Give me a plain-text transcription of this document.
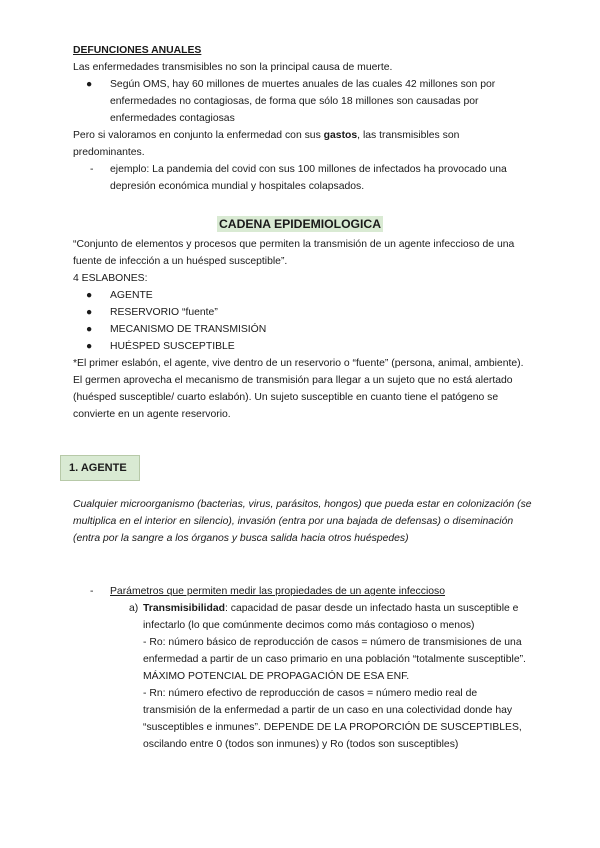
DEFUNCIONES ANUALES
Las enfermedades transmisibles no son la principal causa de muerte.
● Según OMS, hay 60 millones de muertes anuales de las cuales 42 millones son por enfermedades no contagiosas, de forma que sólo 18 millones son causadas por enfermedades contagiosas
Pero si valoramos en conjunto la enfermedad con sus gastos, las transmisibles son predominantes.
- ejemplo: La pandemia del covid con sus 100 millones de infectados ha provocado una depresión económica mundial y hospitales colapsados.
CADENA EPIDEMIOLOGICA
“Conjunto de elementos y procesos que permiten la transmisión de un agente infeccioso de una fuente de infección a un huésped susceptible”.
4 ESLABONES:
● AGENTE
● RESERVORIO “fuente”
● MECANISMO DE TRANSMISIÓN
● HUÉSPED SUSCEPTIBLE
*El primer eslabón, el agente, vive dentro de un reservorio o “fuente” (persona, animal, ambiente). El germen aprovecha el mecanismo de transmisión para llegar a un sujeto que no está alertado (huésped susceptible/ cuarto eslabón). Un sujeto susceptible en cuanto tiene el patógeno se convierte en un agente reservorio.
1. AGENTE
Cualquier microorganismo (bacterias, virus, parásitos, hongos) que pueda estar en colonización (se multiplica en el interior en silencio), invasión (entra por una bajada de defensas) o diseminación (entra por la sangre a los órganos y busca salida hacia otros huéspedes)
- Parámetros que permiten medir las propiedades de un agente infeccioso
a) Transmisibilidad: capacidad de pasar desde un infectado hasta un susceptible e infectarlo (lo que comúnmente decimos como más contagioso o menos)
- Ro: número básico de reproducción de casos = número de transmisiones de una enfermedad a partir de un caso primario en una población “totalmente susceptible”. MÁXIMO POTENCIAL DE PROPAGACIÓN DE ESA ENF.
- Rn: número efectivo de reproducción de casos = número medio real de transmisión de la enfermedad a partir de un caso en una colectividad donde hay “susceptibles e inmunes”. DEPENDE DE LA PROPORCIÓN DE SUSCEPTIBLES, oscilando entre 0 (todos son inmunes) y Ro (todos son susceptibles)
